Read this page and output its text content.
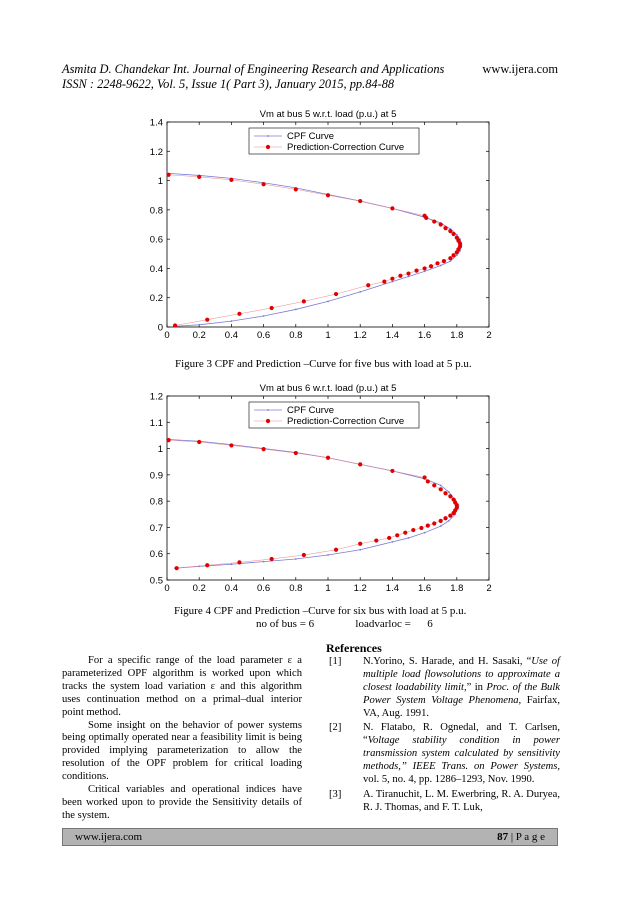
Asmita D. Chandekar Int. Journal of Engineering Research and Applications	www.ijera.com
ISSN : 2248-9622, Vol. 5, Issue 1( Part 3), January 2015, pp.84-88
Vm at bus 5 w.r.t. load (p.u.) at 5
0 0.2 0.4 0.6 0.8 1 1.2 1.4 1.6 1.8 2
0
0.2
0.4
0.6
0.8
1
1.2
1.4
CPF Curve
Prediction-Correction Curve
Figure 3 CPF and Prediction –Curve for five bus with load at 5 p.u.
Vm at bus 6 w.r.t. load (p.u.) at 5
0 0.2 0.4 0.6 0.8 1 1.2 1.4 1.6 1.8 2
0.5
0.6
0.7
0.8
0.9
1
1.1
1.2
CPF Curve
Prediction-Correction Curve
Figure 4 CPF and Prediction –Curve for six bus with load at 5 p.u.
no of bus = 6               loadvarloc =      6

For a specific range of the load parameter ε a parameterized OPF algorithm is worked upon which tracks the system load variation ε and this algorithm uses continuation method on a primal–dual interior point method.

Some insight on the behavior of power systems being optimally operated near a feasibility limit is being provided implying parameterization to allow the resolution of the OPF problem for critical loading conditions.

Critical variables and operational indices have been worked upon to provide the Sensitivity details of the system.

References
[1]	N.Yorino, S. Harade, and H. Sasaki, “Use of multiple load flowsolutions to approximate a closest loadability limit,” in Proc. of the Bulk Power System Voltage Phenomena, Fairfax, VA, Aug. 1991.
[2]	N. Flatabo, R. Ognedal, and T. Carlsen, “Voltage stability condition in power transmission system calculated by sensitivity methods,” IEEE Trans. on Power Systems, vol. 5, no. 4, pp. 1286–1293, Nov. 1990.
[3]	A. Tiranuchit, L. M. Ewerbring, R. A. Duryea, R. J. Thomas, and F. T. Luk,
www.ijera.com	87 | P a g e
